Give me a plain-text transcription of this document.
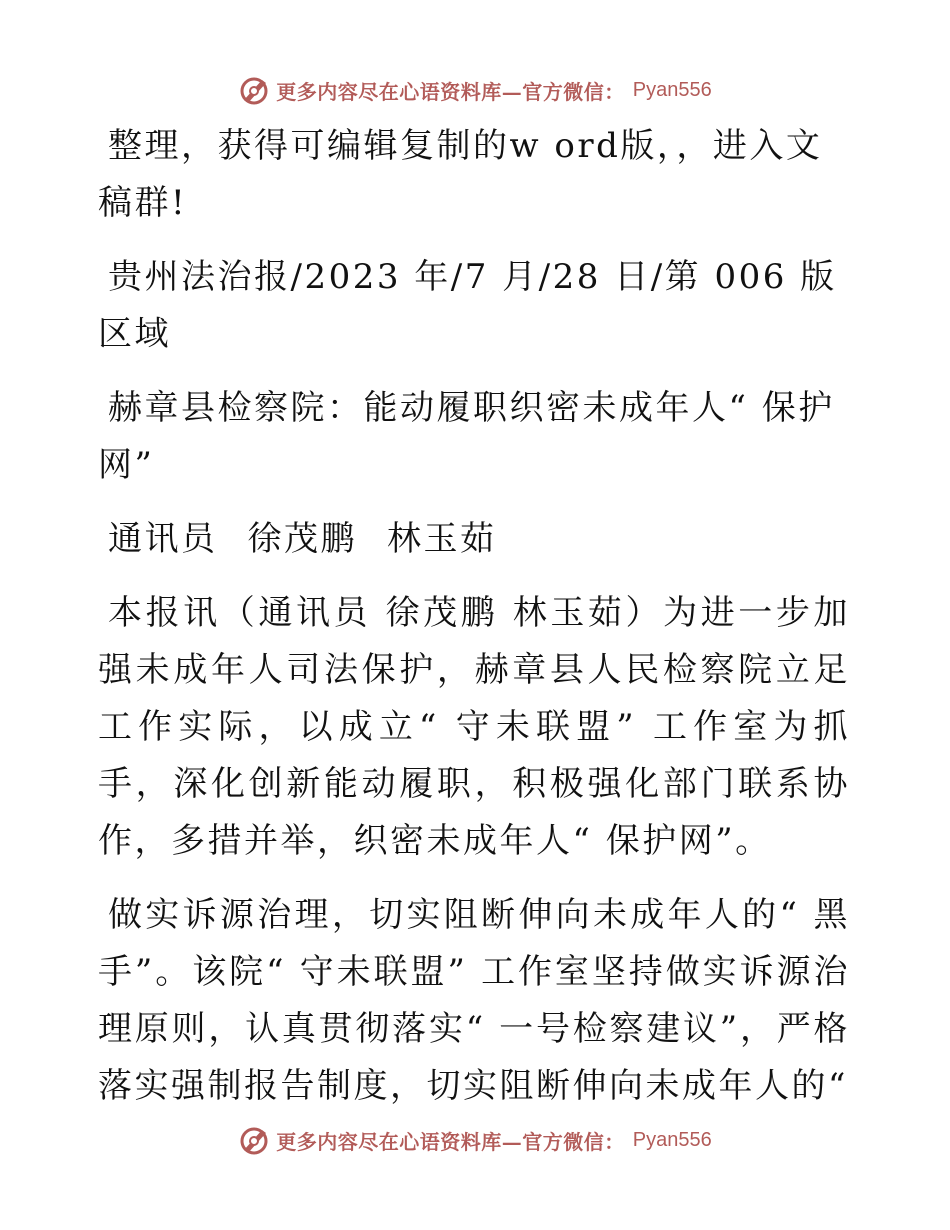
更多内容尽在心语资料库—官方微信： Pyan556

整理，获得可编辑复制的w ord版，，进入文稿群!

贵州法治报/2023 年/7 月/28 日/第 006 版区域

赫章县检察院：能动履职织密未成年人“ 保护网”

通讯员 徐茂鹏 林玉茹

本报讯（通讯员 徐茂鹏 林玉茹）为进一步加强未成年人司法保护，赫章县人民检察院立足工作实际，以成立“ 守未联盟” 工作室为抓手，深化创新能动履职，积极强化部门联系协作，多措并举，织密未成年人“ 保护网”。

做实诉源治理，切实阻断伸向未成年人的“ 黑手”。该院“ 守未联盟” 工作室坚持做实诉源治理原则，认真贯彻落实“ 一号检察建议”，严格落实强制报告制度，切实阻断伸向未成年人的“

更多内容尽在心语资料库—官方微信： Pyan556
